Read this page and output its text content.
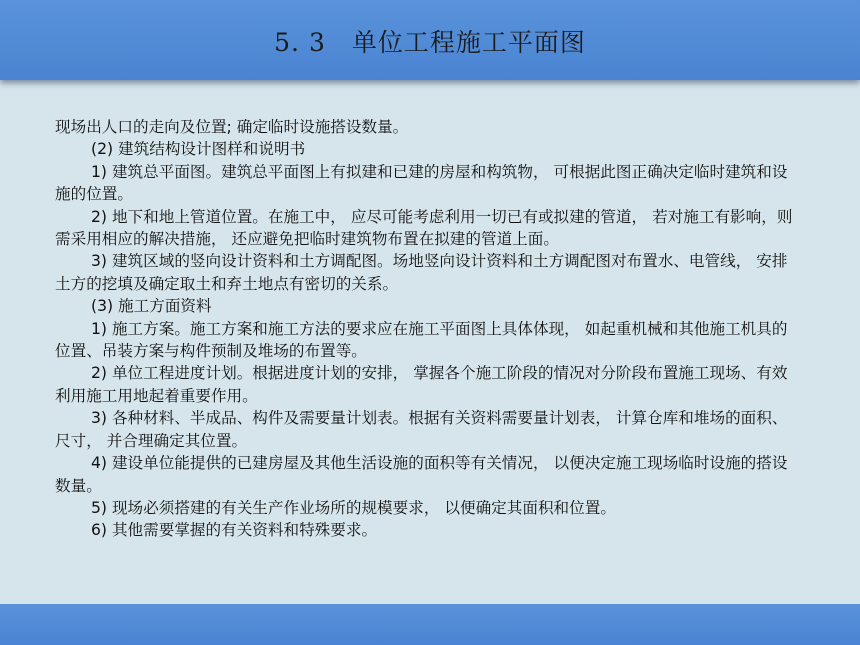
5. 3　单位工程施工平面图

现场出人口的走向及位置; 确定临时设施搭设数量。

(2) 建筑结构设计图样和说明书

1) 建筑总平面图。建筑总平面图上有拟建和已建的房屋和构筑物， 可根据此图正确决定临时建筑和设施的位置。

2) 地下和地上管道位置。在施工中， 应尽可能考虑利用一切已有或拟建的管道， 若对施工有影响，则需采用相应的解决措施， 还应避免把临时建筑物布置在拟建的管道上面。

3) 建筑区域的竖向设计资料和土方调配图。场地竖向设计资料和土方调配图对布置水、电管线， 安排土方的挖填及确定取土和弃土地点有密切的关系。

(3) 施工方面资料

1) 施工方案。施工方案和施工方法的要求应在施工平面图上具体体现， 如起重机械和其他施工机具的位置、吊装方案与构件预制及堆场的布置等。

2) 单位工程进度计划。根据进度计划的安排， 掌握各个施工阶段的情况对分阶段布置施工现场、有效利用施工用地起着重要作用。

3) 各种材料、半成品、构件及需要量计划表。根据有关资料需要量计划表， 计算仓库和堆场的面积、尺寸， 并合理确定其位置。

4) 建设单位能提供的已建房屋及其他生活设施的面积等有关情况， 以便决定施工现场临时设施的搭设数量。

5) 现场必须搭建的有关生产作业场所的规模要求， 以便确定其面积和位置。

6) 其他需要掌握的有关资料和特殊要求。
